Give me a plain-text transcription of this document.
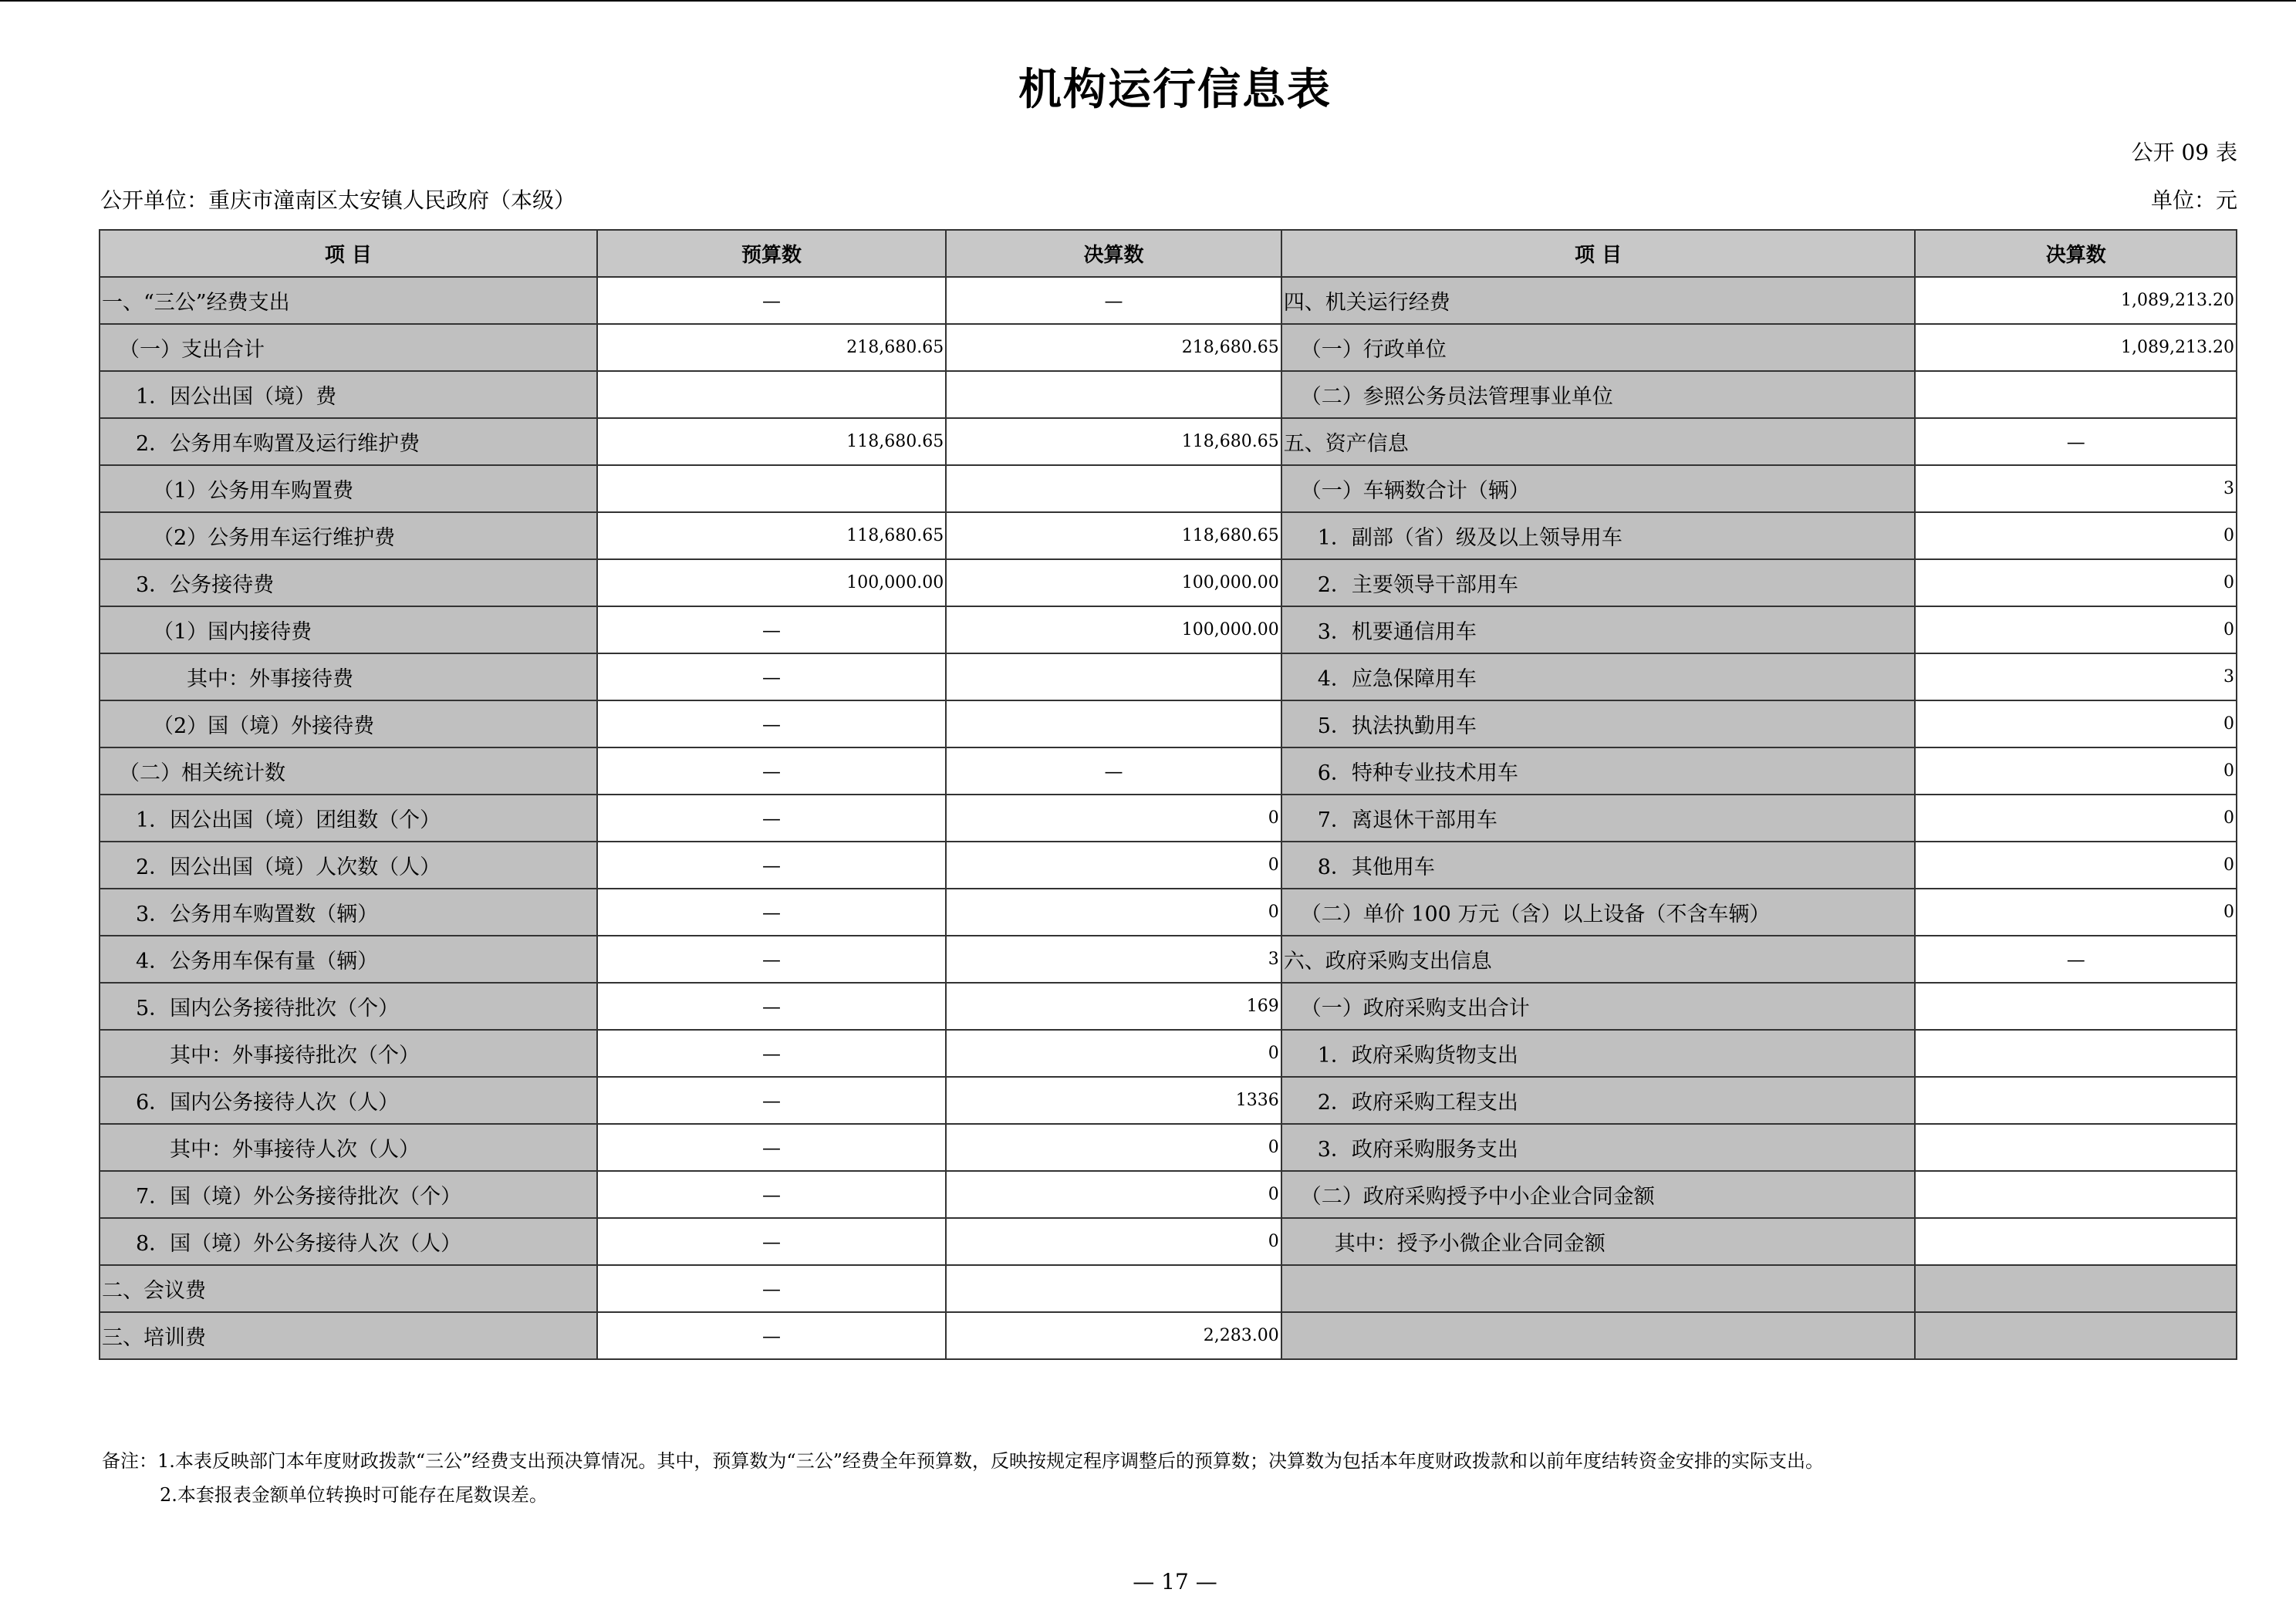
机构运行信息表
公开 09 表
公开单位：重庆市潼南区太安镇人民政府（本级）	单位：元
项 目	预算数	决算数	项 目	决算数
一、“三公”经费支出	—	—	四、机关运行经费	1,089,213.20
（一）支出合计	218,680.65	218,680.65	（一）行政单位	1,089,213.20
1．因公出国（境）费			（二）参照公务员法管理事业单位	
2．公务用车购置及运行维护费	118,680.65	118,680.65	五、资产信息	—
（1）公务用车购置费			（一）车辆数合计（辆）	3
（2）公务用车运行维护费	118,680.65	118,680.65	1．副部（省）级及以上领导用车	0
3．公务接待费	100,000.00	100,000.00	2．主要领导干部用车	0
（1）国内接待费	—	100,000.00	3．机要通信用车	0
其中：外事接待费	—		4．应急保障用车	3
（2）国（境）外接待费	—		5．执法执勤用车	0
（二）相关统计数	—	—	6．特种专业技术用车	0
1．因公出国（境）团组数（个）	—	0	7．离退休干部用车	0
2．因公出国（境）人次数（人）	—	0	8．其他用车	0
3．公务用车购置数（辆）	—	0	（二）单价 100 万元（含）以上设备（不含车辆）	0
4．公务用车保有量（辆）	—	3	六、政府采购支出信息	—
5．国内公务接待批次（个）	—	169	（一）政府采购支出合计	
其中：外事接待批次（个）	—	0	1．政府采购货物支出	
6．国内公务接待人次（人）	—	1336	2．政府采购工程支出	
其中：外事接待人次（人）	—	0	3．政府采购服务支出	
7．国（境）外公务接待批次（个）	—	0	（二）政府采购授予中小企业合同金额	
8．国（境）外公务接待人次（人）	—	0	其中：授予小微企业合同金额	
二、会议费	—			
三、培训费	—	2,283.00		
备注：1.本表反映部门本年度财政拨款“三公”经费支出预决算情况。其中，预算数为“三公”经费全年预算数，反映按规定程序调整后的预算数；决算数为包括本年度财政拨款和以前年度结转资金安排的实际支出。
2.本套报表金额单位转换时可能存在尾数误差。
— 17 —
